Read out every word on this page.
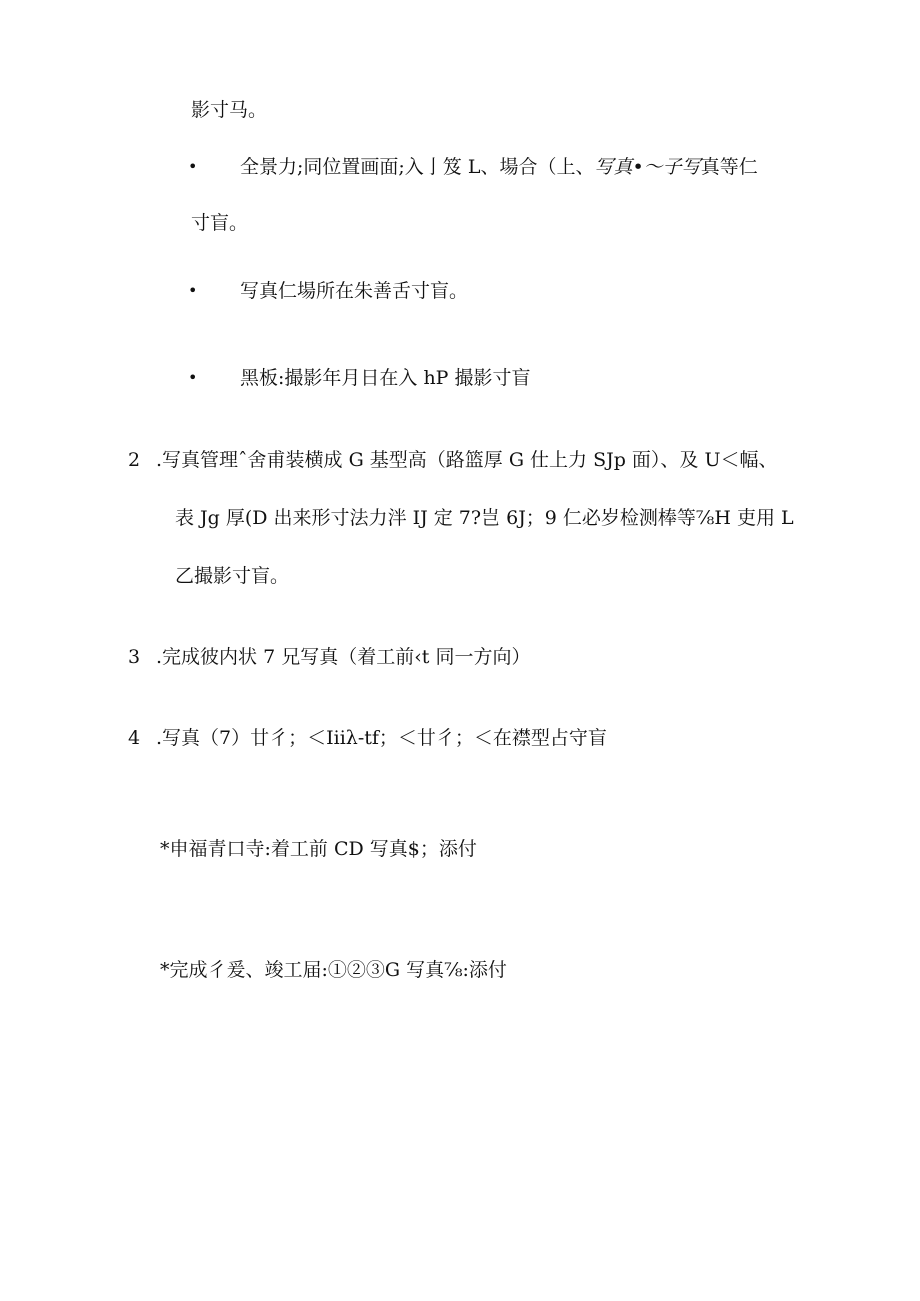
影寸马。
• 全景力;同位置画面;入亅笈 L、場合（上、写真•～子写真等仁
寸盲。
• 写真仁場所在朱善舌寸盲。
• 黑板:撮影年月日在入 hP 撮影寸盲
2 .写真管理ˆ舍甫装横成 G 基型高（路篮厚 G 仕上力 SJp 面）、及 U＜幅、
表 Jg 厚(D 出来形寸法力泮 IJ 定 7?岂 6J；9 仁必岁检测棒等⅞H 吏用 L
乙撮影寸盲。
3 .完成彼内状 7 兄写真（着工前‹t 同一方向）
4 .写真（7）廿彳；＜Iiiλ-tf；＜廿彳；＜在襟型占守盲
*申福青口寺:着工前 CD 写真$；添付
*完成彳爰、竣工届:①②③G 写真⅞:添付
